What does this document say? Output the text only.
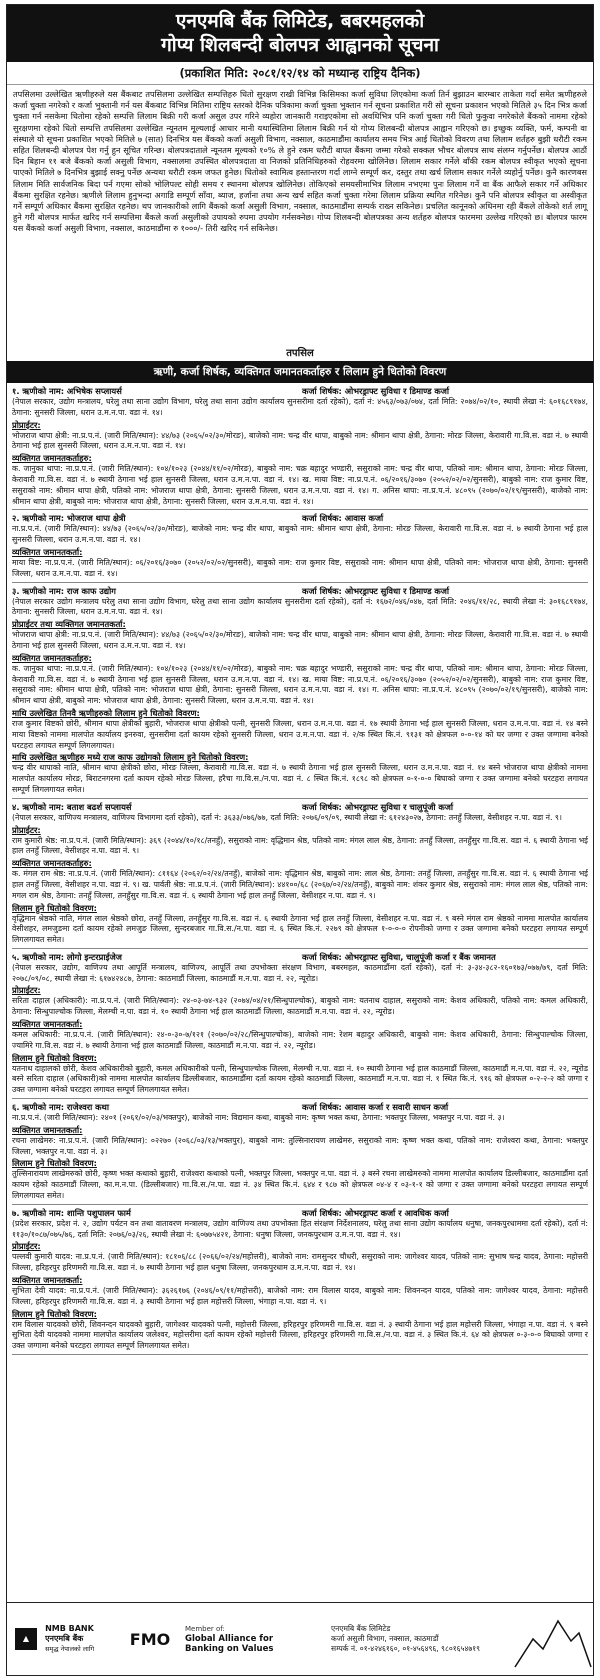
एनएमबि बैंक लिमिटेड, बबरमहलको
गोप्य शिलबन्दी बोलपत्र आह्वानको सूचना
(प्रकाशित मिति: २०८१/१२/१४ को मध्यान्ह राष्ट्रिय दैनिक)
तपसिलमा उल्लेखित ऋणीहरुले यस बैंकबाट तपसिलमा उल्लेखित सम्पत्तिहरु धितो सुरक्षण राखी विभिन्न किसिमका कर्जा सुविधा लिएकोमा कर्जा तिर्न बुझाउन बारम्बार ताकेता गर्दा समेत ऋणीहरुले कर्जा चुक्ता नगरेको र कर्जा भुक्तानी गर्न यस बैंकबाट विभिन्न मितिमा राष्ट्रिय स्तरको दैनिक पत्रिकामा कर्जा चुक्ता भुक्तान गर्न सूचना प्रकाशित गरी सो सूचना प्रकाशन भएको मितिले ३५ दिन भित्र कर्जा चुक्ता गर्न नसकेमा धितोमा रहेको सम्पत्ति लिलाम बिक्री गरी कर्जा असुल उपर गरिने व्यहोरा जानकारी गराइएकोमा सो अवधिभित्र पनि कर्जा चुक्ता गरी धितो फुकुवा नगरेकोले बैंकको नाममा रहेको सुरक्षणमा रहेको धितो सम्पत्ति तपसिलमा उल्लेखित न्यूनतम मूल्यलाई आधार मानी यथास्थितिमा लिलाम बिक्री गर्न यो गोप्य शिलबन्दी बोलपत्र आह्वान गरिएको छ। इच्छुक व्यक्ति, फर्म, कम्पनी वा संस्थाले यो सूचना प्रकाशित भएको मितिले ७ (सात) दिनभित्र यस बैंकको कर्जा असुली विभाग, नक्साल, काठमाडौंमा कार्यालय समय भित्र आई धितोको विवरण तथा लिलाम शर्तहरु बुझी धरौटी रकम सहित शिलबन्दी बोलपत्र पेश गर्नु हुन सूचित गरिन्छ। बोलपत्रदाताले न्यूनतम मूल्यको १०% ले हुने रकम धरौटी बापत बैंकमा जम्मा गरेको सक्कल भौचर बोलपत्र साथ संलग्न गर्नुपर्नेछ। बोलपत्र आठौं दिन बिहान ११ बजे बैंकको कर्जा असुली विभाग, नक्सालमा उपस्थित बोलपत्रदाता वा निजको प्रतिनिधिहरुको रोहवरमा खोलिनेछ। लिलाम सकार गर्नेले बाँकी रकम बोलपत्र स्वीकृत भएको सूचना पाएको मितिले ७ दिनभित्र बुझाई सक्नु पर्नेछ अन्यथा धरौटी रकम जफत हुनेछ। धितोको स्वामित्व हस्तान्तरण गर्दा लाग्ने सम्पूर्ण कर, दस्तुर तथा खर्च लिलाम सकार गर्नेले व्यहोर्नु पर्नेछ। कुनै कारणबस लिलाम मिति सार्वजनिक बिदा पर्न गएमा सोको भोलिपल्ट सोही समय र स्थानमा बोलपत्र खोलिनेछ। तोकिएको समयसीमाभित्र लिलाम नभएमा पुनः लिलाम गर्ने वा बैंक आफैले सकार गर्ने अधिकार बैंकमा सुरक्षित रहनेछ। ऋणीले लिलाम हुनुभन्दा अगाडि सम्पूर्ण साँवा, ब्याज, हर्जाना तथा अन्य खर्च सहित कर्जा चुक्ता गरेमा लिलाम प्रक्रिया स्थगित गरिनेछ। कुनै पनि बोलपत्र स्वीकृत वा अस्वीकृत गर्ने सम्पूर्ण अधिकार बैंकमा सुरक्षित रहनेछ। थप जानकारीको लागि बैंकको कर्जा असुली विभाग, नक्साल, काठमाडौंमा सम्पर्क राख्न सकिनेछ। प्रचलित कानूनको अधिनमा रही बैंकले तोकेको शर्त लागू हुने गरी बोलपत्र मार्फत खरिद गर्न सम्पत्तिमा बैंकले कर्जा असुलीको उपायको रुपमा उपयोग गर्नसक्नेछ। गोप्य शिलबन्दी बोलपत्रका अन्य शर्तहरु बोलपत्र फारममा उल्लेख गरिएको छ। बोलपत्र फारम यस बैंकको कर्जा असुली विभाग, नक्साल, काठमाडौंमा रु १०००/- तिरी खरिद गर्न सकिनेछ।
तपसिल
ऋणी, कर्जा शिर्षक, व्यक्तिगत जमानतकर्ताहरु र लिलाम हुने धितोको विवरण
१. ऋणीको नाम: अभिषेक सप्लायर्स	कर्जा शिर्षक: ओभरड्राफ्ट सुविधा र डिमाण्ड कर्जा
(नेपाल सरकार, उद्योग मन्त्रालय, घरेलु तथा साना उद्योग विभाग, घरेलु तथा साना उद्योग कार्यालय सुनसरीमा दर्ता रहेको), दर्ता नं: ४५६३/०७३/०७४, दर्ता मिति: २०७४/०२/१०, स्थायी लेखा नं: ६०१६८९१७४, ठेगाना: सुनसरी जिल्ला, धरान उ.म.न.पा. वडा नं. १४।
प्रोप्राईटर:
भोजराज थापा क्षेत्री: ना.प्र.प.नं. (जारी मिति/स्थान): ४४/७३ (२०६५/०२/३०/मोरङ), बाजेको नाम: चन्द्र वीर थापा, बाबुको नाम: श्रीमान थापा क्षेत्री, ठेगाना: मोरङ जिल्ला, केरावारी गा.वि.स. वडा नं. ७ स्थायी ठेगाना भई हाल सुनसरी जिल्ला, धरान उ.म.न.पा. वडा नं. १४।
व्यक्तिगत जमानतकर्ताहरु:
क. जानुका थापा: ना.प्र.प.नं. (जारी मिति/स्थान): १०४/१०२३ (२०४४/११/०२/मोरङ), बाबुको नाम: चक्र बहादुर भण्डारी, ससुराको नाम: चन्द्र वीर थापा, पतिको नाम: श्रीमान थापा, ठेगाना: मोरङ जिल्ला, केरावारी गा.वि.स. वडा नं. ७ स्थायी ठेगाना भई हाल सुनसरी जिल्ला, धरान उ.म.न.पा. वडा नं. १४। ख. माया विष्ट: ना.प्र.प.नं. ०६/२०१६/३०७० (२०५२/०२/०२/सुनसरी), बाबुको नाम: राज कुमार विष्ट, ससुराको नाम: श्रीमान थापा क्षेत्री, पतिको नाम: भोजराज थापा क्षेत्री, ठेगाना: सुनसरी जिल्ला, धरान उ.म.न.पा. वडा नं. १४। ग. अनिस थापा: ना.प्र.प.नं. ४८०९५ (२०७०/०२/१९/सुनसरी), बाजेको नाम: श्रीमान थापा क्षेत्री, बाबुको नाम: भोजराज थापा क्षेत्री, ठेगाना: सुनसरी जिल्ला, धरान उ.म.न.पा. वडा नं. १४।
२. ऋणीको नाम: भोजराज थापा क्षेत्री	कर्जा शिर्षक: आवास कर्जा
ना.प्र.प.नं. (जारी मिति/स्थान): ४४/७३ (२०६५/०२/३०/मोरङ), बाजेको नाम: चन्द्र वीर थापा, बाबुको नाम: श्रीमान थापा क्षेत्री, ठेगाना: मोरङ जिल्ला, केरावारी गा.वि.स. वडा नं. ७ स्थायी ठेगाना भई हाल सुनसरी जिल्ला, धरान उ.म.न.पा. वडा नं. १४।
व्यक्तिगत जमानतकर्ता:
माया विष्ट: ना.प्र.प.नं. (जारी मिति/स्थान): ०६/२०१६/३०७० (२०५२/०२/०२/सुनसरी), बाबुको नाम: राज कुमार विष्ट, ससुराको नाम: श्रीमान थापा क्षेत्री, पतिको नाम: भोजराज थापा क्षेत्री, ठेगाना: सुनसरी जिल्ला, धरान उ.म.न.पा. वडा नं. १४।
३. ऋणीको नाम: राज काफ उद्योग	कर्जा शिर्षक: ओभरड्राफ्ट सुविधा र डिमाण्ड कर्जा
(नेपाल सरकार उद्योग मन्त्रालय घरेलु तथा साना उद्योग विभाग, घरेलु तथा साना उद्योग कार्यालय सुनसरीमा दर्ता रहेको), दर्ता नं: १६७२/०४६/०४७, दर्ता मिति: २०४६/११/२८, स्थायी लेखा नं: ३०१६८९१७४, ठेगाना: सुनसरी जिल्ला, धरान उ.म.न.पा. वडा नं. १४।
प्रोप्राईटर तथा व्यक्तिगत जमानतकर्ता:
भोजराज थापा क्षेत्री: ना.प्र.प.नं. (जारी मिति/स्थान): ४४/७३ (२०६५/०२/३०/मोरङ), बाजेको नाम: चन्द्र वीर थापा, बाबुको नाम: श्रीमान थापा क्षेत्री, ठेगाना: मोरङ जिल्ला, केरावारी गा.वि.स. वडा नं. ७ स्थायी ठेगाना भई हाल सुनसरी जिल्ला, धरान उ.म.न.पा. वडा नं. १४।
व्यक्तिगत जमानतकर्ताहरु:
क. जानुका थापा: ना.प्र.प.नं. (जारी मिति/स्थान): १०४/१०२३ (२०४४/११/०२/मोरङ), बाबुको नाम: चक्र बहादुर भण्डारी, ससुराको नाम: चन्द्र वीर थापा, पतिको नाम: श्रीमान थापा, ठेगाना: मोरङ जिल्ला, केरावारी गा.वि.स. वडा नं. ७ स्थायी ठेगाना भई हाल सुनसरी जिल्ला, धरान उ.म.न.पा. वडा नं. १४। ख. माया विष्ट: ना.प्र.प.नं. ०६/२०१६/३०७० (२०५२/०२/०२/सुनसरी), बाबुको नाम: राज कुमार विष्ट, ससुराको नाम: श्रीमान थापा क्षेत्री, पतिको नाम: भोजराज थापा क्षेत्री, ठेगाना: सुनसरी जिल्ला, धरान उ.म.न.पा. वडा नं. १४। ग. अनिस थापा: ना.प्र.प.नं. ४८०९५ (२०७०/०२/१९/सुनसरी), बाजेको नाम: श्रीमान थापा क्षेत्री, बाबुको नाम: भोजराज थापा क्षेत्री, ठेगाना: सुनसरी जिल्ला, धरान उ.म.न.पा. वडा नं. १४।
माथि उल्लेखित तिनवै ऋणीहरुको लिलाम हुने धितोको विवरण:
राज कुमार विष्टको छोरी, श्रीमान थापा क्षेत्रीको बुहारी, भोजराज थापा क्षेत्रीको पत्नी, सुनसरी जिल्ला, धरान उ.म.न.पा. वडा नं. १७ स्थायी ठेगाना भई हाल सुनसरी जिल्ला, धरान उ.म.न.पा. वडा नं. १४ बस्ने माया विष्टको नाममा मालपोत कार्यालय इनरुवा, सुनसरीमा दर्ता कायम रहेको सुनसरी जिल्ला, धरान उ.म.न.पा. वडा नं. २/क स्थित कि.नं. ९१३१ को क्षेत्रफल ०-०-१४ को घर जग्गा र उक्त जग्गामा बनेको घरटहरा लगायत सम्पूर्ण लिगलगायत।
माथि उल्लेखित ऋणीहरु मध्ये राज काफ उद्योगको लिलाम हुने धितोको विवरण:
चन्द्र वीर थापाको नाति, श्रीमान थापा क्षेत्रीको छोरा, मोरङ जिल्ला, केरावारी गा.वि.स. वडा नं. ७ स्थायी ठेगाना भई हाल सुनसरी जिल्ला, धरान उ.म.न.पा. वडा नं. १४ बस्ने भोजराज थापा क्षेत्रीको नाममा मालपोत कार्यालय मोरङ, बिराटनगरमा दर्ता कायम रहेको मोरङ जिल्ला, हरैचा गा.वि.स./न.पा. वडा नं. ८ स्थित कि.नं. १८९८ को क्षेत्रफल ०-१-०-० बिघाको जग्गा र उक्त जग्गामा बनेको घरटहरा लगायत सम्पूर्ण लिगलगायत समेत।
४. ऋणीको नाम: बताश बढर्श सप्लायर्स	कर्जा शिर्षक: ओभरड्राफ्ट सुविधा र चालुपूंजी कर्जा
(नेपाल सरकार, वाणिज्य मन्त्रालय, वाणिज्य विभागमा दर्ता रहेको), दर्ता नं: ३६३३/०७६/७७, दर्ता मिति: २०७६/०९/०९, स्थायी लेखा नं: ६१२४३०२७, ठेगाना: तनहुँ जिल्ला, वेसीशहर न.पा. वडा नं. ९।
प्रोप्राईटर:
राम कुमारी श्रेष्ठ: ना.प्र.प.नं. (जारी मिति/स्थान): ३६९ (२०४४/१०/१८/तनहुँ), ससुराको नाम: वृद्धिमान श्रेष्ठ, पतिको नाम: मंगल लाल श्रेष्ठ, ठेगाना: तनहुँ जिल्ला, तनहुँसुर गा.वि.स. वडा नं. ६ स्थायी ठेगाना भई हाल तनहुँ जिल्ला, वेसीशहर न.पा. वडा नं. ९।
व्यक्तिगत जमानतकर्ताहरु:
क. मंगल राम श्रेष्ठ: ना.प्र.प.नं. (जारी मिति/स्थान): ८११६४ (२०६२/०२/२४/तनहुँ), बाजेको नाम: वृद्धिमान श्रेष्ठ, बाबुको नाम: लाल श्रेष्ठ, ठेगाना: तनहुँ जिल्ला, तनहुँसुर गा.वि.स. वडा नं. ६ स्थायी ठेगाना भई हाल तनहुँ जिल्ला, वेसीशहर न.पा. वडा नं. ९। ख. पार्वती श्रेष्ठ: ना.प्र.प.नं. (जारी मिति/स्थान): ४४१००/६८ (२०६७/०२/२४/तनहुँ), बाबुको नाम: शंकर कुमार श्रेष्ठ, ससुराको नाम: मंगल लाल श्रेष्ठ, पतिको नाम: मगल राम श्रेष्ठ, ठेगाना: तनहुँ जिल्ला, तनहुँसुर गा.वि.स. वडा नं. ६ स्थायी ठेगाना भई हाल तनहुँ जिल्ला, वेसीशहर न.पा. वडा नं. ९।
लिलाम हुने धितोको विवरण:
वृद्धिमान श्रेष्ठको नाति, मंगल लाल श्रेष्ठको छोरा, तनहुँ जिल्ला, तनहुँसुर गा.वि.स. वडा नं. ६ स्थायी ठेगाना भई हाल तनहुँ जिल्ला, वेसीशहर न.पा. वडा नं. ९ बस्ने मंगल राम श्रेष्ठको नाममा मालपोत कार्यालय वेसीशहर, लमजुङमा दर्ता कायम रहेको लमजुङ जिल्ला, सुन्दरबजार गा.वि.स./न.पा. वडा नं. ६ स्थित कि.नं. २२७९ को क्षेत्रफल १-०-०-० रोपनीको जग्गा र उक्त जग्गामा बनेको घरटहरा लगायत सम्पूर्ण लिगलगायत समेत।
५. ऋणीको नाम: लोगो इन्टरप्राईजेज	कर्जा शिर्षक: ओभरड्राफ्ट सुविधा, चालुपूंजी कर्जा र बैंक जमानत
(नेपाल सरकार, उद्योग, वाणिज्य तथा आपूर्ति मन्त्रालय, वाणिज्य, आपूर्ति तथा उपभोक्ता संरक्षण विभाग, बबरमहल, काठमाडौंमा दर्ता रहेको), दर्ता नं: ३-३४-३८२-१६०१७३/०७७/७९, दर्ता मिति: २०७८/०९/०८, स्थायी लेखा नं: ६१७४२४८७, ठेगाना: काठमाडौं जिल्ला, काठमाडौं म.न.पा. वडा नं. २२, न्यूरोड।
प्रोप्राईटर:
सरिता दाहाल (अधिकारी): ना.प्र.प.नं. (जारी मिति/स्थान): २४-०३-७४-९३२ (२०७४/०४/२१/सिन्धुपाल्चोक), बाबुको नाम: यतनाथ दाहाल, ससुराको नाम: केशव अधिकारी, पतिको नाम: कमल अधिकारी, ठेगाना: सिन्धुपाल्चोक जिल्ला, मेलम्ची न.पा. वडा नं. १० स्थायी ठेगाना भई हाल काठमाडौं जिल्ला, काठमाडौं म.न.पा. वडा नं. २२, न्यूरोड।
व्यक्तिगत जमानतकर्ता:
कमल अधिकारी: ना.प्र.प.नं. (जारी मिति/स्थान): २४-०-३०-७/१२१ (२०७०/०२/२८/सिन्धुपाल्चोक), बाजेको नाम: रेशम बहादुर अधिकारी, बाबुको नाम: केशव अधिकारी, ठेगाना: सिन्धुपाल्चोक जिल्ला, ज्यामिरे गा.वि.स. वडा नं. ७ स्थायी ठेगाना भई हाल काठमाडौं जिल्ला, काठमाडौं म.न.पा. वडा नं. २२, न्यूरोड।
लिलाम हुने धितोको विवरण:
यतनाथ दाहालको छोरी, केशव अधिकारीको बुहारी, कमल अधिकारीको पत्नी, सिन्धुपाल्चोक जिल्ला, मेलम्ची न.पा. वडा नं. १० स्थायी ठेगाना भई हाल काठमाडौं जिल्ला, काठमाडौं म.न.पा. वडा नं. २२, न्यूरोड बस्ने सरिता दाहाल (अधिकारी)को नाममा मालपोत कार्यालय डिल्लीबजार, काठमाडौंमा दर्ता कायम रहेको काठमाडौं जिल्ला, काठमाडौं म.न.पा. वडा नं. १ स्थित कि.नं. ९१६ को क्षेत्रफल ०-२-२-२ को जग्गा र उक्त जग्गामा बनेको घरटहरा लगायत सम्पूर्ण लिगलगायत समेत।
६. ऋणीको नाम: राजेश्वरा कथा	कर्जा शिर्षक: आवास कर्जा र सवारी साधन कर्जा
ना.प्र.प.नं. (जारी मिति/स्थान): २४०१ (२०६१/०२/०३/भक्तपुर), बाजेको नाम: विद्यमान कथा, बाबुको नाम: कृष्ण भक्त कथा, ठेगाना: भक्तपुर जिल्ला, भक्तपुर न.पा. वडा नं. ३।
व्यक्तिगत जमानतकर्ता:
रचना लाखेमरु: ना.प्र.प.नं. (जारी मिति/स्थान): ०२२७० (२०६८/०३/१३/भक्तपुर), बाबुको नाम: तुल्सिनारायण लाखेमरु, ससुराको नाम: कृष्ण भक्त कथा, पतिको नाम: राजेश्वरा कथा, ठेगाना: भक्तपुर जिल्ला, भक्तपुर न.पा. वडा नं. ३।
लिलाम हुने धितोको विवरण:
तुल्सिनारायण लाखेमरुको छोरी, कृष्ण भक्त कथाको बुहारी, राजेश्वरा कथाको पत्नी, भक्तपुर जिल्ला, भक्तपुर न.पा. वडा नं. ३ बस्ने रचना लाखेमरुको नाममा मालपोत कार्यालय डिल्लीबजार, काठमाडौंमा दर्ता कायम रहेको काठमाडौं जिल्ला, का.म.न.पा. (डिल्लीबजार) गा.वि.स./न.पा. वडा नं. ३४ स्थित कि.नं. ६४४ र ९८७ को क्षेत्रफल ०४-४ र ०३-१-१ को जग्गा र उक्त जग्गामा बनेको घरटहरा लगायत सम्पूर्ण लिगलगायत समेत।
७. ऋणीको नाम: शान्ति पशुपालन फार्म	कर्जा शिर्षक: ओभरड्राफ्ट कर्जा र आवधिक कर्जा
(प्रदेश सरकार, प्रदेश नं. २, उद्योग पर्यटन वन तथा वातावरण मन्त्रालय, उद्योग वाणिज्य तथा उपभोक्ता हित संरक्षण निर्देशनालय, घरेलु तथा साना उद्योग कार्यालय धनुषा, जनकपुरधाममा दर्ता रहेको), दर्ता नं: ११३०/१०८७/०७५/७६, दर्ता मिति: २०७६/०३/२६, स्थायी लेखा नं: ६०७७५४२१, ठेगाना: धनुषा जिल्ला, जनकपुरधाम उ.म.न.पा. वडा नं. १४।
प्रोप्राईटर:
पल्लवी कुमारी यादव: ना.प्र.प.नं. (जारी मिति/स्थान): १८१०६/८८ (२०६६/०२/२४/महोत्तरी), बाजेको नाम: रामसुन्दर चौधरी, ससुराको नाम: जागेश्वर यादव, पतिको नाम: सुभाष चन्द्र यादव, ठेगाना: महोत्तरी जिल्ला, हरिहरपुर हरिणमरी गा.वि.स. वडा नं. ७ स्थायी ठेगाना भई हाल धनुषा जिल्ला, जनकपुरधाम उ.म.न.पा. वडा नं. १४।
व्यक्तिगत जमानतकर्ता:
सुभिता देवी यादव: ना.प्र.प.नं. (जारी मिति/स्थान): ३६२६१७६ (२०४६/०९/११/महोत्तरी), बाजेको नाम: राम विलास यादव, बाबुको नाम: शिवनन्दन यादव, पतिको नाम: जागेश्वर यादव, ठेगाना: महोत्तरी जिल्ला, हरिहरपुर हरिणमरी गा.वि.स. वडा नं. ३ स्थायी ठेगाना भई हाल महोत्तरी जिल्ला, भंगाहा न.पा. वडा नं. ९।
लिलाम हुने धितोको विवरण:
राम विलास यादवको छोरी, शिवनन्दन यादवको बुहारी, जागेश्वर यादवको पत्नी, महोत्तरी जिल्ला, हरिहरपुर हरिणमरी गा.वि.स. वडा नं. ३ स्थायी ठेगाना भई हाल महोत्तरी जिल्ला, भंगाहा न.पा. वडा नं. ९ बस्ने सुभिता देवी यादवको नाममा मालपोत कार्यालय जलेश्वर, महोत्तरीमा दर्ता कायम रहेको महोत्तरी जिल्ला, हरिहरपुर हरिणमरी गा.वि.स./न.पा. वडा नं. ३ स्थित कि.नं. ६४ को क्षेत्रफल ०-३-०-० बिघाको जग्गा र उक्त जग्गामा बनेको घरटहरा लगायत सम्पूर्ण लिगलगायत समेत।
▲ NMB BANK
एनएमबि बैंक
समृद्ध नेपालको लागि
FMO
Member of:
Global Alliance for
Banking on Values
एनएमबि बैंक लिमिटेड
कर्जा असुली विभाग, नक्साल, काठमाडौं
सम्पर्क नं. ०१-४२४६१६०, ०१-४५६४९६, ९८०१६५४७१९
